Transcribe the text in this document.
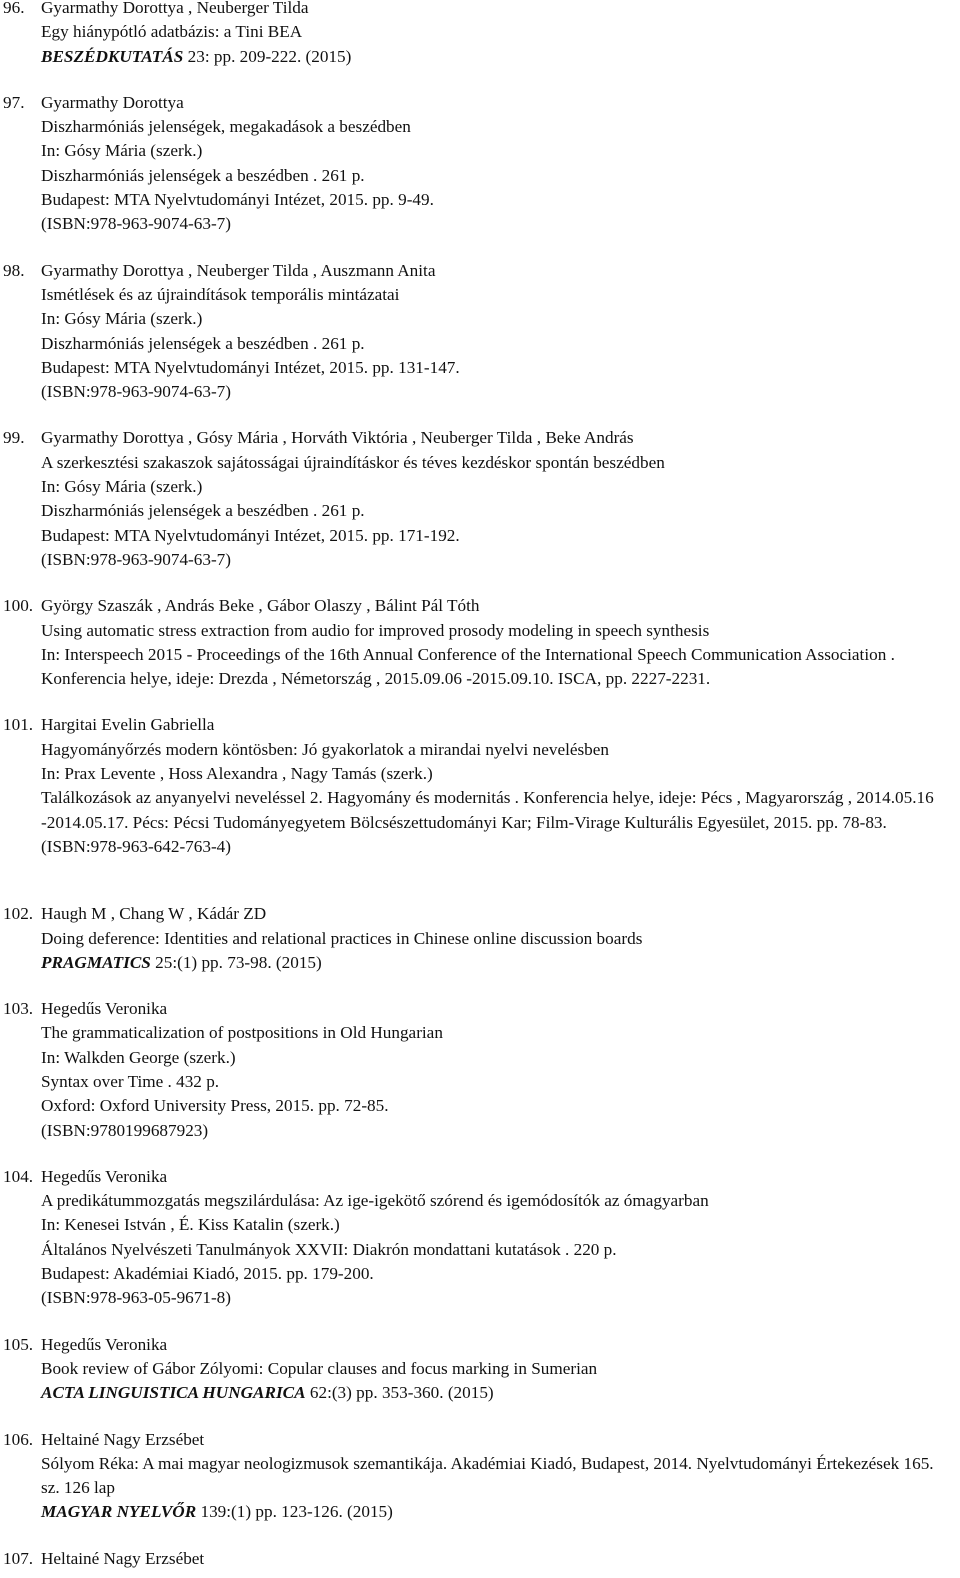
96. Gyarmathy Dorottya , Neuberger Tilda
Egy hiánypótló adatbázis: a Tini BEA
BESZÉDKUTATÁS 23: pp. 209-222. (2015)
97. Gyarmathy Dorottya
Diszharmóniás jelenségek, megakadások a beszédben
In: Gósy Mária (szerk.)
Diszharmóniás jelenségek a beszédben . 261 p.
Budapest: MTA Nyelvtudományi Intézet, 2015. pp. 9-49.
(ISBN:978-963-9074-63-7)
98. Gyarmathy Dorottya , Neuberger Tilda , Auszmann Anita
Ismétlések és az újraindítások temporális mintázatai
In: Gósy Mária (szerk.)
Diszharmóniás jelenségek a beszédben . 261 p.
Budapest: MTA Nyelvtudományi Intézet, 2015. pp. 131-147.
(ISBN:978-963-9074-63-7)
99. Gyarmathy Dorottya , Gósy Mária , Horváth Viktória , Neuberger Tilda , Beke András
A szerkesztési szakaszok sajátosságai újraindításkor és téves kezdéskor spontán beszédben
In: Gósy Mária (szerk.)
Diszharmóniás jelenségek a beszédben . 261 p.
Budapest: MTA Nyelvtudományi Intézet, 2015. pp. 171-192.
(ISBN:978-963-9074-63-7)
100. György Szaszák , András Beke , Gábor Olaszy , Bálint Pál Tóth
Using automatic stress extraction from audio for improved prosody modeling in speech synthesis
In: Interspeech 2015 - Proceedings of the 16th Annual Conference of the International Speech Communication Association . Konferencia helye, ideje: Drezda , Németország , 2015.09.06 -2015.09.10. ISCA, pp. 2227-2231.
101. Hargitai Evelin Gabriella
Hagyományőrzés modern köntösben: Jó gyakorlatok a mirandai nyelvi nevelésben
In: Prax Levente , Hoss Alexandra , Nagy Tamás (szerk.)
Találkozások az anyanyelvi neveléssel 2. Hagyomány és modernitás . Konferencia helye, ideje: Pécs , Magyarország , 2014.05.16 -2014.05.17. Pécs: Pécsi Tudományegyetem Bölcsészettudományi Kar; Film-Virage Kulturális Egyesület, 2015. pp. 78-83.
(ISBN:978-963-642-763-4)
102. Haugh M , Chang W , Kádár ZD
Doing deference: Identities and relational practices in Chinese online discussion boards
PRAGMATICS 25:(1) pp. 73-98. (2015)
103. Hegedűs Veronika
The grammaticalization of postpositions in Old Hungarian
In: Walkden George (szerk.)
Syntax over Time . 432 p.
Oxford: Oxford University Press, 2015. pp. 72-85.
(ISBN:9780199687923)
104. Hegedűs Veronika
A predikátummozgatás megszilárdulása: Az ige-igekötő szórend és igemódosítók az ómagyarban
In: Kenesei István , É. Kiss Katalin (szerk.)
Általános Nyelvészeti Tanulmányok XXVII: Diakrón mondattani kutatások . 220 p.
Budapest: Akadémiai Kiadó, 2015. pp. 179-200.
(ISBN:978-963-05-9671-8)
105. Hegedűs Veronika
Book review of Gábor Zólyomi: Copular clauses and focus marking in Sumerian
ACTA LINGUISTICA HUNGARICA 62:(3) pp. 353-360. (2015)
106. Heltainé Nagy Erzsébet
Sólyom Réka: A mai magyar neologizmusok szemantikája. Akadémiai Kiadó, Budapest, 2014. Nyelvtudományi Értekezések 165. sz. 126 lap
MAGYAR NYELVŐR 139:(1) pp. 123-126. (2015)
107. Heltainé Nagy Erzsébet
